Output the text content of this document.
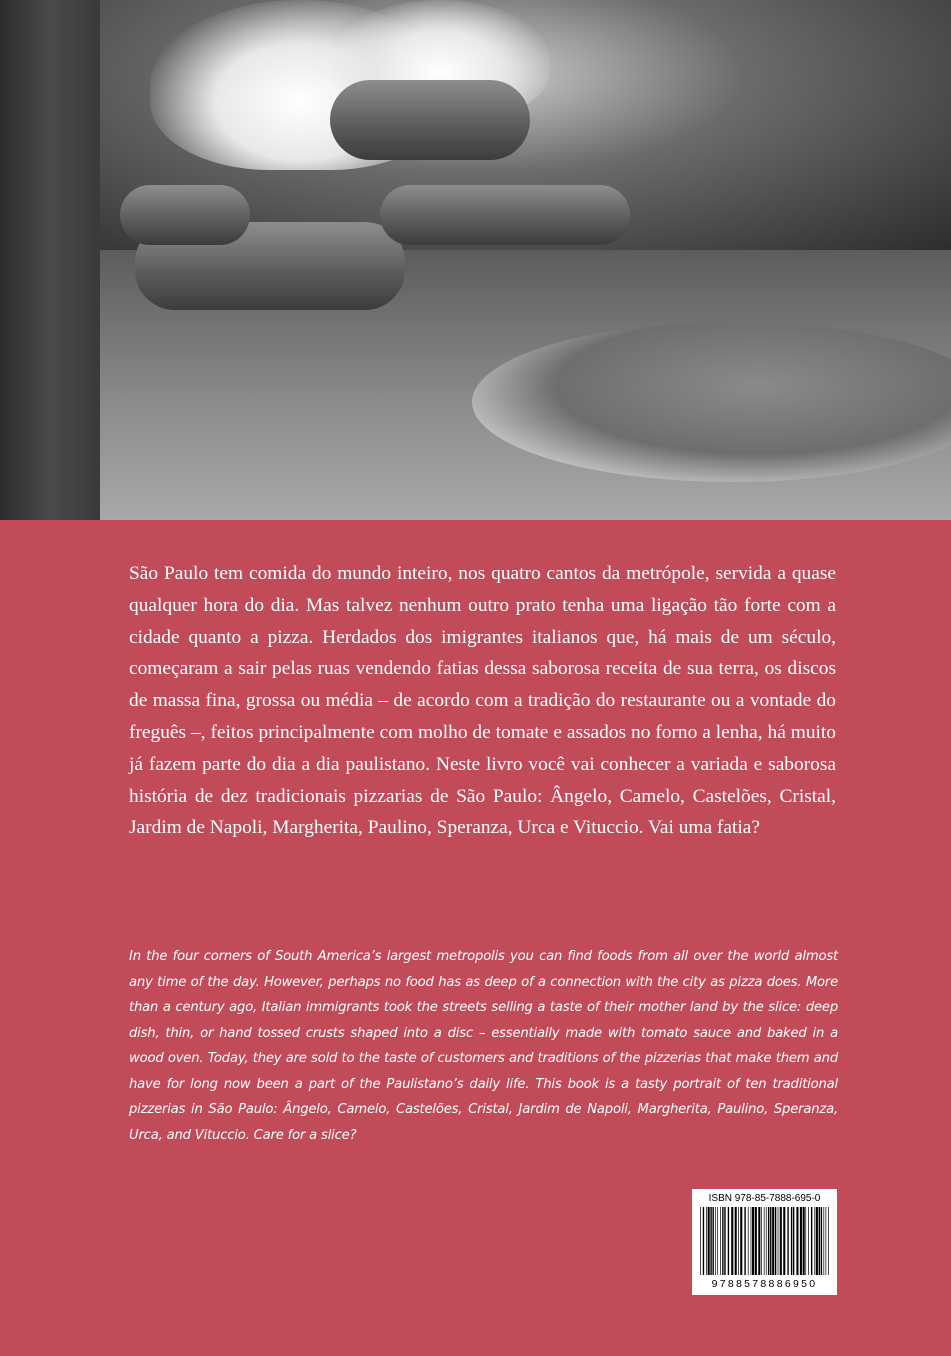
São Paulo tem comida do mundo inteiro, nos quatro cantos da metrópole, servida a quase qualquer hora do dia. Mas talvez nenhum outro prato tenha uma ligação tão forte com a cidade quanto a pizza. Herdados dos imigrantes italianos que, há mais de um século, começaram a sair pelas ruas vendendo fatias dessa saborosa receita de sua terra, os discos de massa fina, grossa ou média – de acordo com a tradição do restaurante ou a vontade do freguês –, feitos principalmente com molho de tomate e assados no forno a lenha, há muito já fazem parte do dia a dia paulistano. Neste livro você vai conhecer a variada e saborosa história de dez tradicionais pizzarias de São Paulo: Ângelo, Camelo, Castelões, Cristal, Jardim de Napoli, Margherita, Paulino, Speranza, Urca e Vituccio. Vai uma fatia?

In the four corners of South America’s largest metropolis you can find foods from all over the world almost any time of the day. However, perhaps no food has as deep of a connection with the city as pizza does. More than a century ago, Italian immigrants took the streets selling a taste of their mother land by the slice: deep dish, thin, or hand tossed crusts shaped into a disc – essentially made with tomato sauce and baked in a wood oven. Today, they are sold to the taste of customers and traditions of the pizzerias that make them and have for long now been a part of the Paulistano’s daily life. This book is a tasty portrait of ten traditional pizzerias in São Paulo: Ângelo, Camelo, Castelões, Cristal, Jardim de Napoli, Margherita, Paulino, Speranza, Urca, and Vituccio. Care for a slice?

ISBN 978-85-7888-695-0
9788578886950
